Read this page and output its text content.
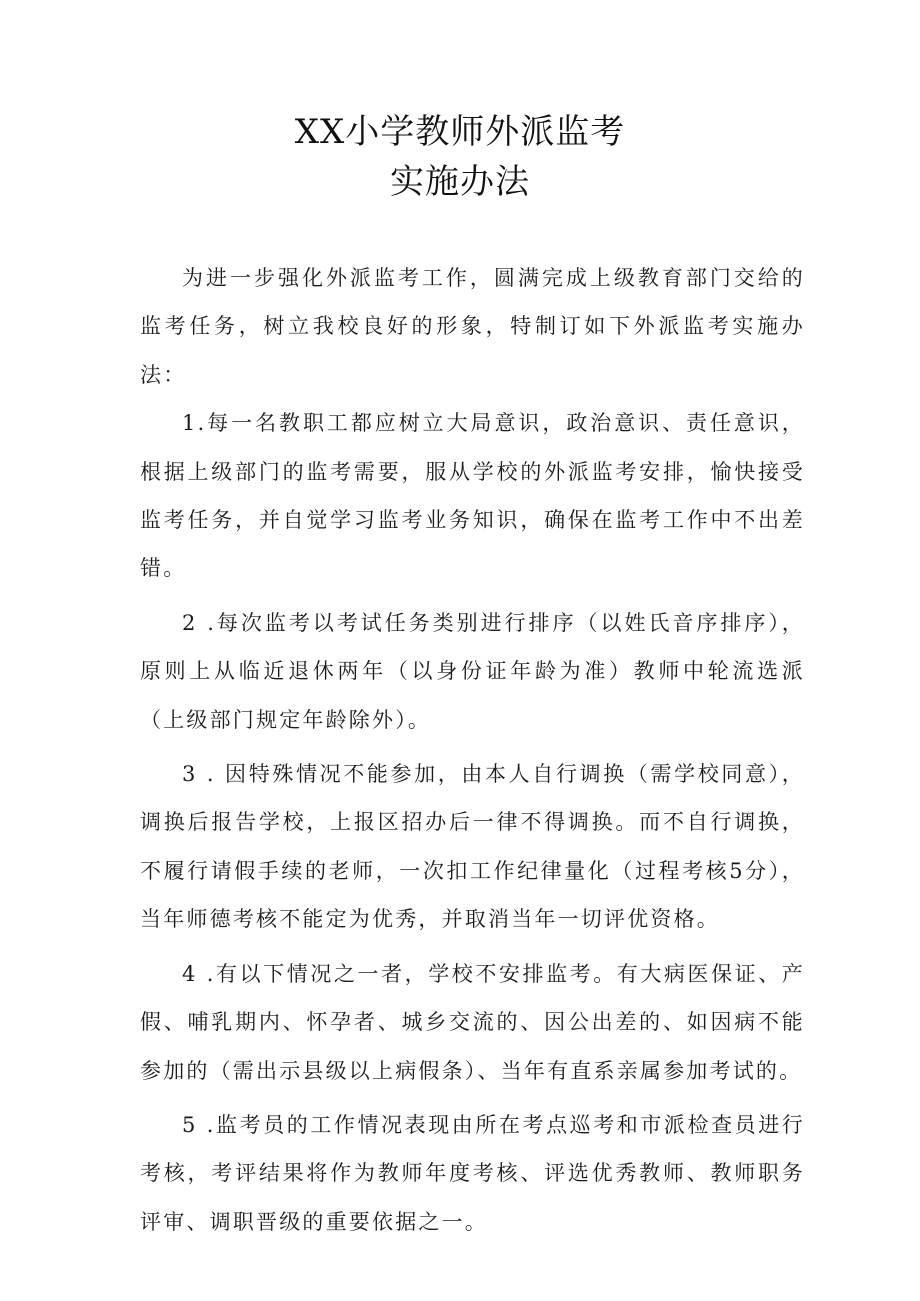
XX小学教师外派监考
实施办法

为进一步强化外派监考工作，圆满完成上级教育部门交给的监考任务，树立我校良好的形象，特制订如下外派监考实施办法：

1.每一名教职工都应树立大局意识，政治意识、责任意识，根据上级部门的监考需要，服从学校的外派监考安排，愉快接受监考任务，并自觉学习监考业务知识，确保在监考工作中不出差错。

2 .每次监考以考试任务类别进行排序（以姓氏音序排序），原则上从临近退休两年（以身份证年龄为准）教师中轮流选派（上级部门规定年龄除外）。

3 . 因特殊情况不能参加，由本人自行调换（需学校同意），调换后报告学校，上报区招办后一律不得调换。而不自行调换，不履行请假手续的老师，一次扣工作纪律量化（过程考核5分），当年师德考核不能定为优秀，并取消当年一切评优资格。

4 .有以下情况之一者，学校不安排监考。有大病医保证、产假、哺乳期内、怀孕者、城乡交流的、因公出差的、如因病不能参加的（需出示县级以上病假条）、当年有直系亲属参加考试的。

5 .监考员的工作情况表现由所在考点巡考和市派检查员进行考核，考评结果将作为教师年度考核、评选优秀教师、教师职务评审、调职晋级的重要依据之一。
